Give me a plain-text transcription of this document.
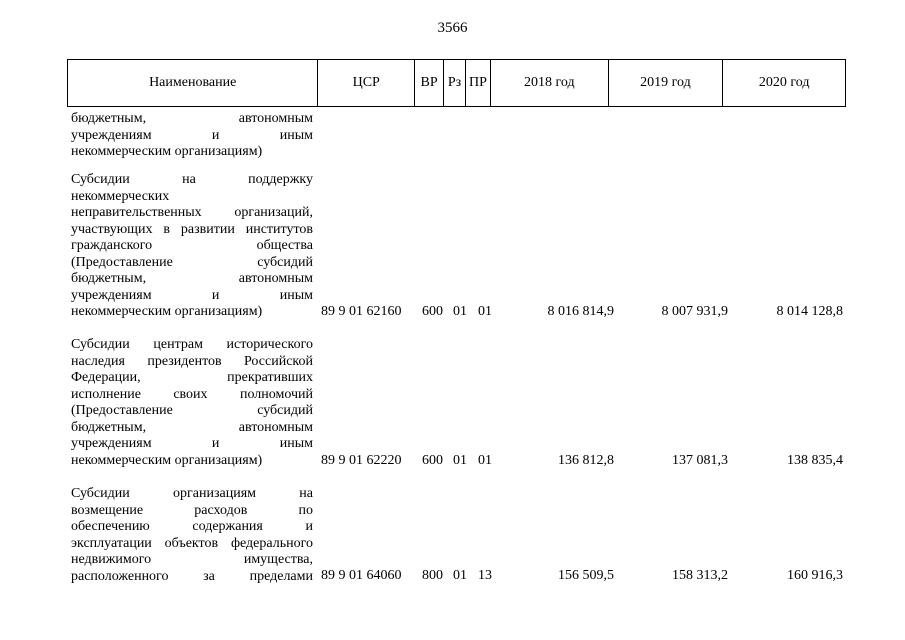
3566
Наименование	ЦСР	ВР Рз ПР	2018 год	2019 год	2020 год
бюджетным, автономным
учреждениям и иным
некоммерческим организациям)
Субсидии на поддержку
некоммерческих
неправительственных организаций,
участвующих в развитии институтов
гражданского общества
(Предоставление субсидий
бюджетным, автономным
учреждениям и иным
некоммерческим организациям)	89 9 01 62160 600 01 01	8 016 814,9	8 007 931,9	8 014 128,8
Субсидии центрам исторического
наследия президентов Российской
Федерации, прекративших
исполнение своих полномочий
(Предоставление субсидий
бюджетным, автономным
учреждениям и иным
некоммерческим организациям)	89 9 01 62220 600 01 01	136 812,8	137 081,3	138 835,4
Субсидии организациям на
возмещение расходов по
обеспечению содержания и
эксплуатации объектов федерального
недвижимого имущества,
расположенного за пределами 89 9 01 64060 800 01 13	156 509,5	158 313,2	160 916,3
